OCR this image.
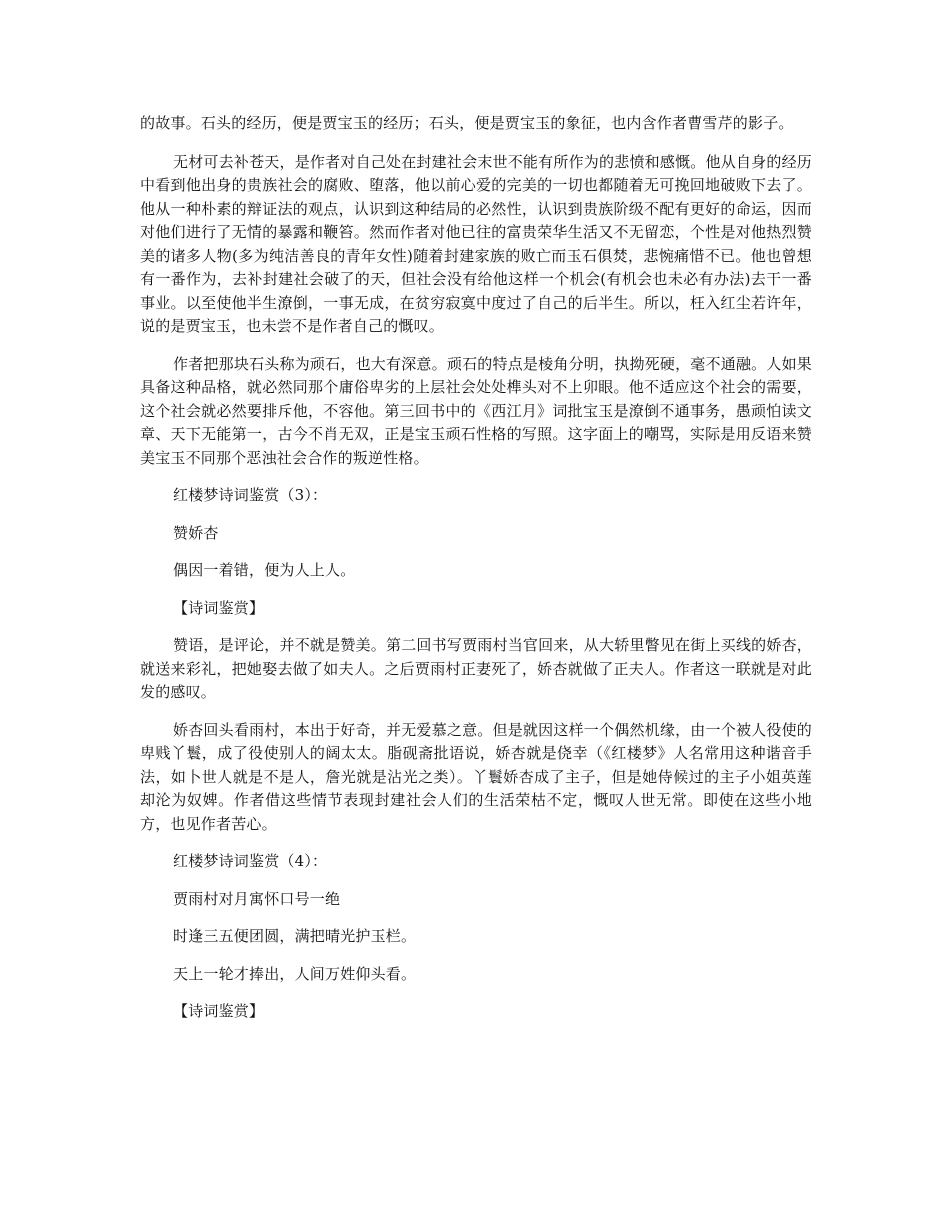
的故事。石头的经历，便是贾宝玉的经历；石头，便是贾宝玉的象征，也内含作者曹雪芹的影子。

无材可去补苍天，是作者对自己处在封建社会末世不能有所作为的悲愤和感慨。他从自身的经历中看到他出身的贵族社会的腐败、堕落，他以前心爱的完美的一切也都随着无可挽回地破败下去了。他从一种朴素的辩证法的观点，认识到这种结局的必然性，认识到贵族阶级不配有更好的命运，因而对他们进行了无情的暴露和鞭笞。然而作者对他已往的富贵荣华生活又不无留恋，个性是对他热烈赞美的诸多人物(多为纯洁善良的青年女性)随着封建家族的败亡而玉石俱焚，悲惋痛惜不已。他也曾想有一番作为，去补封建社会破了的天，但社会没有给他这样一个机会(有机会也未必有办法)去干一番事业。以至使他半生潦倒，一事无成，在贫穷寂寞中度过了自己的后半生。所以，枉入红尘若许年，说的是贾宝玉，也未尝不是作者自己的慨叹。

作者把那块石头称为顽石，也大有深意。顽石的特点是棱角分明，执拗死硬，毫不通融。人如果具备这种品格，就必然同那个庸俗卑劣的上层社会处处榫头对不上卯眼。他不适应这个社会的需要，这个社会就必然要排斥他，不容他。第三回书中的《西江月》词批宝玉是潦倒不通事务，愚顽怕读文章、天下无能第一，古今不肖无双，正是宝玉顽石性格的写照。这字面上的嘲骂，实际是用反语来赞美宝玉不同那个恶浊社会合作的叛逆性格。

红楼梦诗词鉴赏（3）：

赞娇杏

偶因一着错，便为人上人。

【诗词鉴赏】

赞语，是评论，并不就是赞美。第二回书写贾雨村当官回来，从大轿里瞥见在街上买线的娇杏，就送来彩礼，把她娶去做了如夫人。之后贾雨村正妻死了，娇杏就做了正夫人。作者这一联就是对此发的感叹。

娇杏回头看雨村，本出于好奇，并无爱慕之意。但是就因这样一个偶然机缘，由一个被人役使的卑贱丫鬟，成了役使别人的阔太太。脂砚斋批语说，娇杏就是侥幸（《红楼梦》人名常用这种谐音手法，如卜世人就是不是人，詹光就是沾光之类）。丫鬟娇杏成了主子，但是她侍候过的主子小姐英莲却沦为奴婢。作者借这些情节表现封建社会人们的生活荣枯不定，慨叹人世无常。即使在这些小地方，也见作者苦心。

红楼梦诗词鉴赏（4）：

贾雨村对月寓怀口号一绝

时逢三五便团圆，满把晴光护玉栏。

天上一轮才捧出，人间万姓仰头看。

【诗词鉴赏】
